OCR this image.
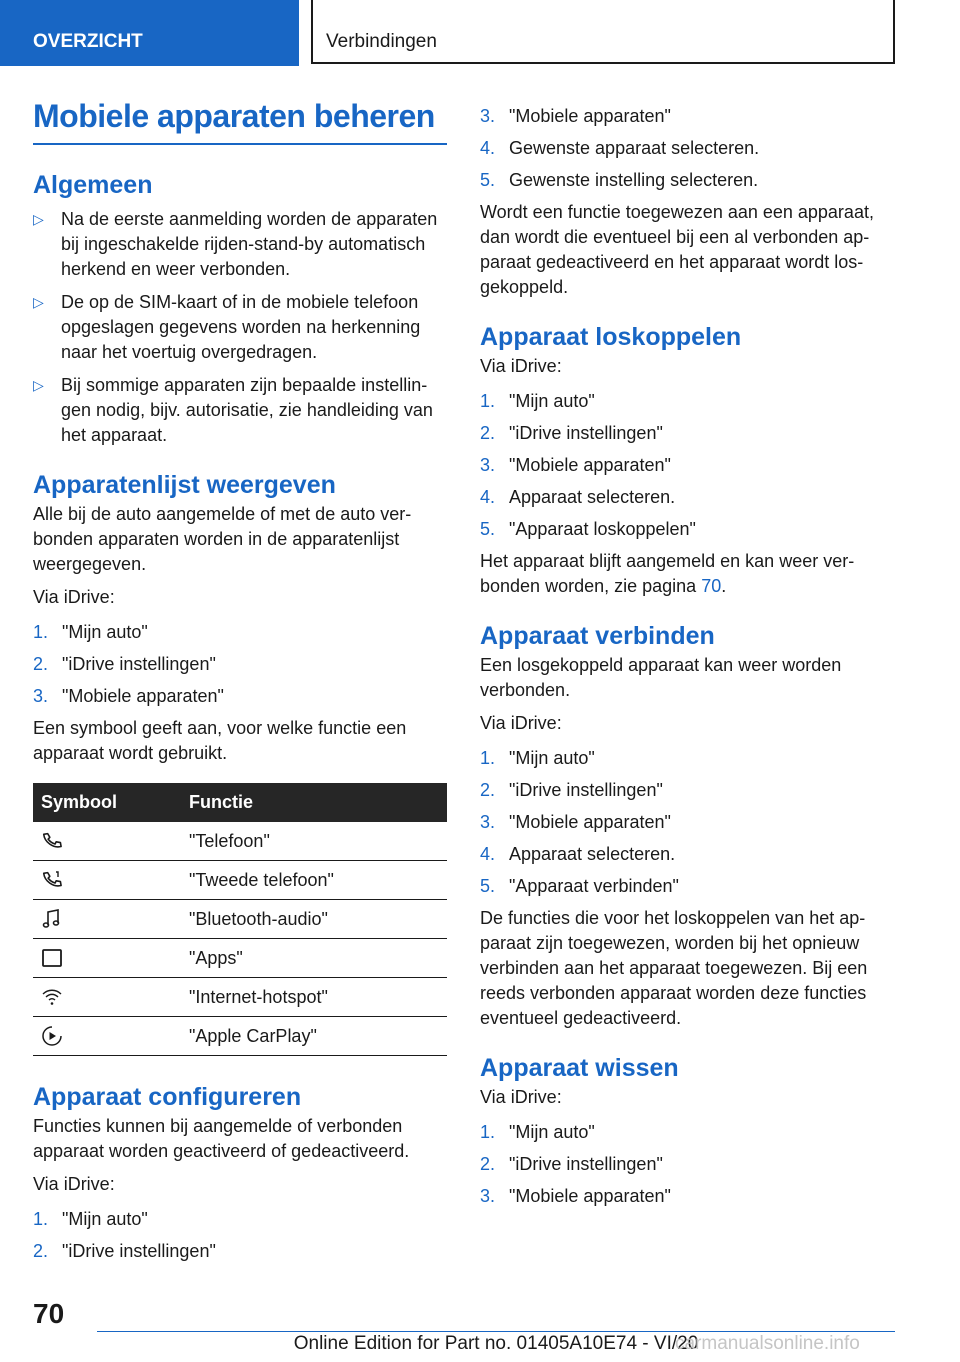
OVERZICHT	Verbindingen
Mobiele apparaten beheren
Algemeen
▷ Na de eerste aanmelding worden de apparaten bij ingeschakelde rijden-stand-by automatisch herkend en weer verbonden.
▷ De op de SIM-kaart of in de mobiele telefoon opgeslagen gegevens worden na herkenning naar het voertuig overgedragen.
▷ Bij sommige apparaten zijn bepaalde instellingen nodig, bijv. autorisatie, zie handleiding van het apparaat.
Apparatenlijst weergeven

Alle bij de auto aangemelde of met de auto verbonden apparaten worden in de apparatenlijst weergegeven.

Via iDrive:

1. "Mijn auto"
2. "iDrive instellingen"
3. "Mobiele apparaten"

Een symbool geeft aan, voor welke functie een apparaat wordt gebruikt.

Symbool	Functie

	"Telefoon"

	"Tweede telefoon"

	"Bluetooth-audio"

	"Apps"

	"Internet-hotspot"

	"Apple CarPlay"
Apparaat configureren

Functies kunnen bij aangemelde of verbonden apparaat worden geactiveerd of gedeactiveerd.

Via iDrive:

1. "Mijn auto"
2. "iDrive instellingen"
3. "Mobiele apparaten"
4. Gewenste apparaat selecteren.
5. Gewenste instelling selecteren.

Wordt een functie toegewezen aan een apparaat, dan wordt die eventueel bij een al verbonden apparaat gedeactiveerd en het apparaat wordt losgekoppeld.

Apparaat loskoppelen

Via iDrive:

1. "Mijn auto"
2. "iDrive instellingen"
3. "Mobiele apparaten"
4. Apparaat selecteren.
5. "Apparaat loskoppelen"

Het apparaat blijft aangemeld en kan weer verbonden worden, zie pagina 70.

Apparaat verbinden

Een losgekoppeld apparaat kan weer worden verbonden.

Via iDrive:

1. "Mijn auto"
2. "iDrive instellingen"
3. "Mobiele apparaten"
4. Apparaat selecteren.
5. "Apparaat verbinden"

De functies die voor het loskoppelen van het apparaat zijn toegewezen, worden bij het opnieuw verbinden aan het apparaat toegewezen. Bij een reeds verbonden apparaat worden deze functies eventueel gedeactiveerd.

Apparaat wissen

Via iDrive:

1. "Mijn auto"
2. "iDrive instellingen"
3. "Mobiele apparaten"
70
Online Edition for Part no. 01405A10E74 - VI/20
carmanualsonline.info
